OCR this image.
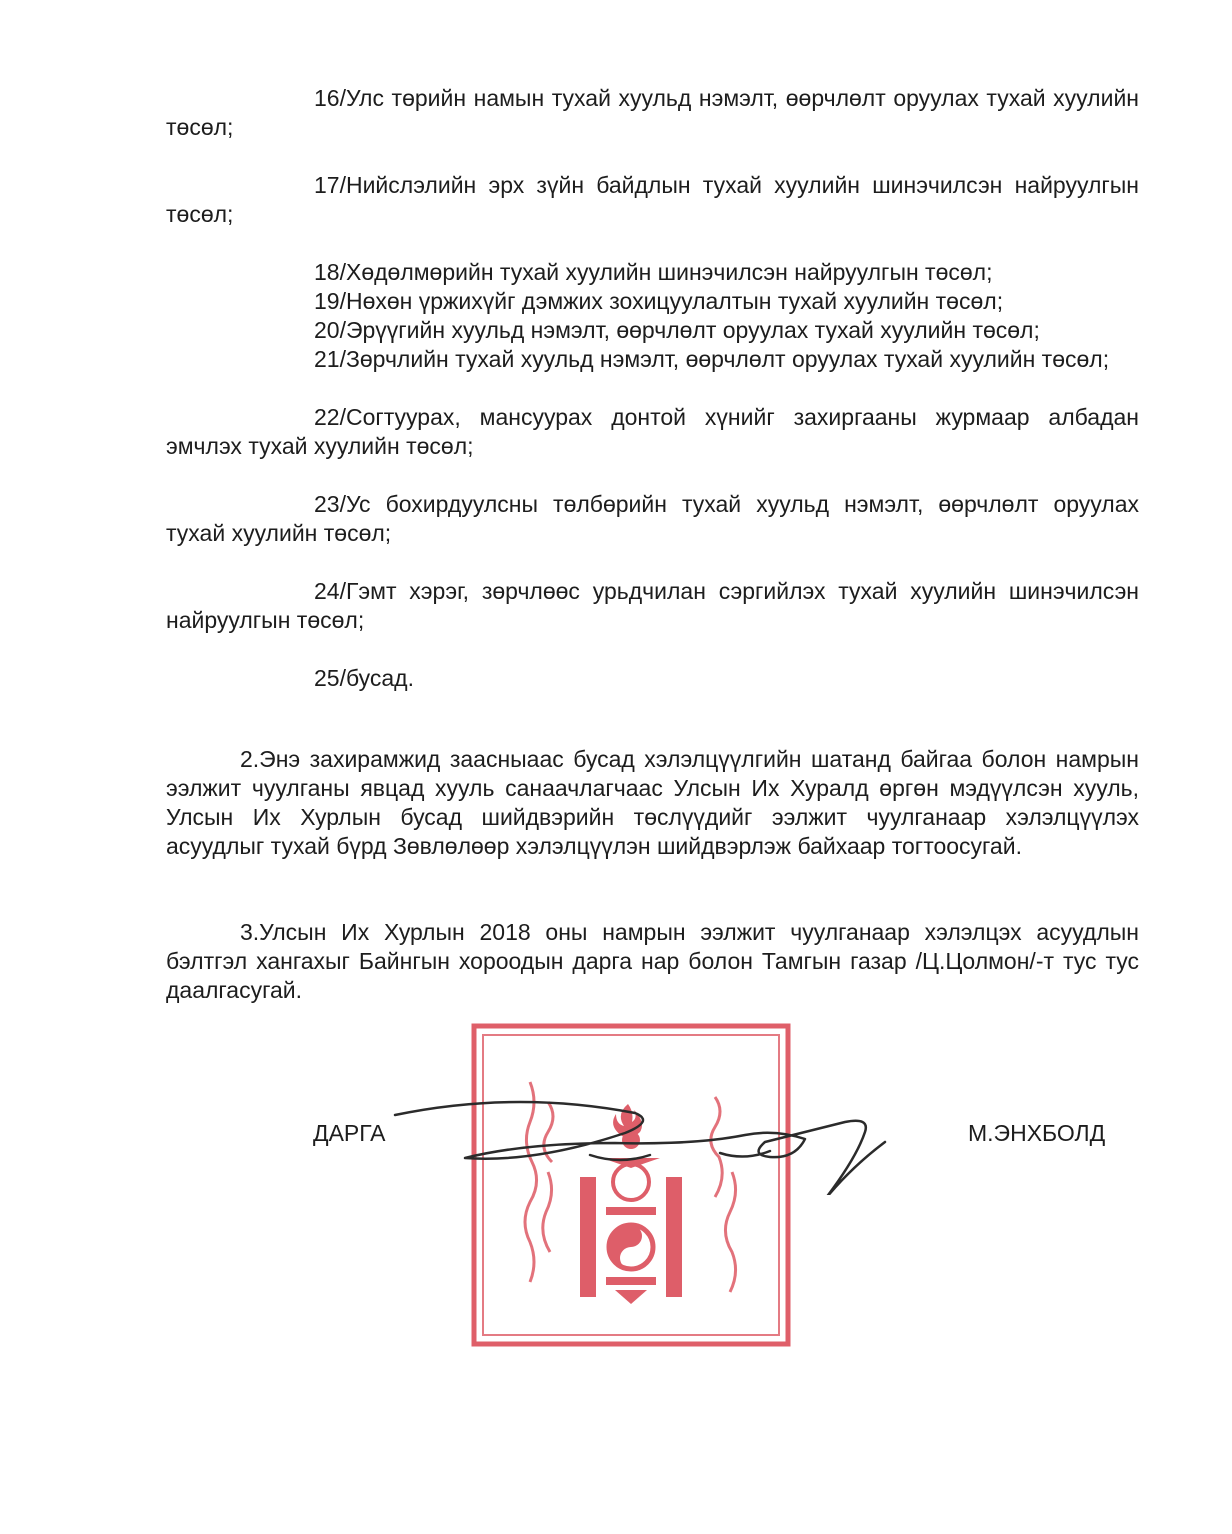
16/Улс төрийн намын тухай хуульд нэмэлт, өөрчлөлт оруулах тухай хуулийн төсөл;

17/Нийслэлийн эрх зүйн байдлын тухай хуулийн шинэчилсэн найруулгын төсөл;

18/Хөдөлмөрийн тухай хуулийн шинэчилсэн найруулгын төсөл;

19/Нөхөн үржихүйг дэмжих зохицуулалтын тухай хуулийн төсөл;

20/Эрүүгийн хуульд нэмэлт, өөрчлөлт оруулах тухай хуулийн төсөл;

21/Зөрчлийн тухай хуульд нэмэлт, өөрчлөлт оруулах тухай хуулийн төсөл;

22/Согтуурах, мансуурах донтой хүнийг захиргааны журмаар албадан эмчлэх тухай хуулийн төсөл;

23/Ус бохирдуулсны төлбөрийн тухай хуульд нэмэлт, өөрчлөлт оруулах тухай хуулийн төсөл;

24/Гэмт хэрэг, зөрчлөөс урьдчилан сэргийлэх тухай хуулийн шинэчилсэн найруулгын төсөл;

25/бусад.

2.Энэ захирамжид заасныаас бусад хэлэлцүүлгийн шатанд байгаа болон намрын ээлжит чуулганы явцад хууль санаачлагчаас Улсын Их Хуралд өргөн мэдүүлсэн хууль, Улсын Их Хурлын бусад шийдвэрийн төслүүдийг ээлжит чуулганаар хэлэлцүүлэх асуудлыг тухай бүрд Зөвлөлөөр хэлэлцүүлэн шийдвэрлэж байхаар тогтоосугай.

3.Улсын Их Хурлын 2018 оны намрын ээлжит чуулганаар хэлэлцэх асуудлын бэлтгэл хангахыг Байнгын хороодын дарга нар болон Тамгын газар /Ц.Цолмон/-т тус тус даалгасугай.

ДАРГА	М.ЭНХБОЛД
